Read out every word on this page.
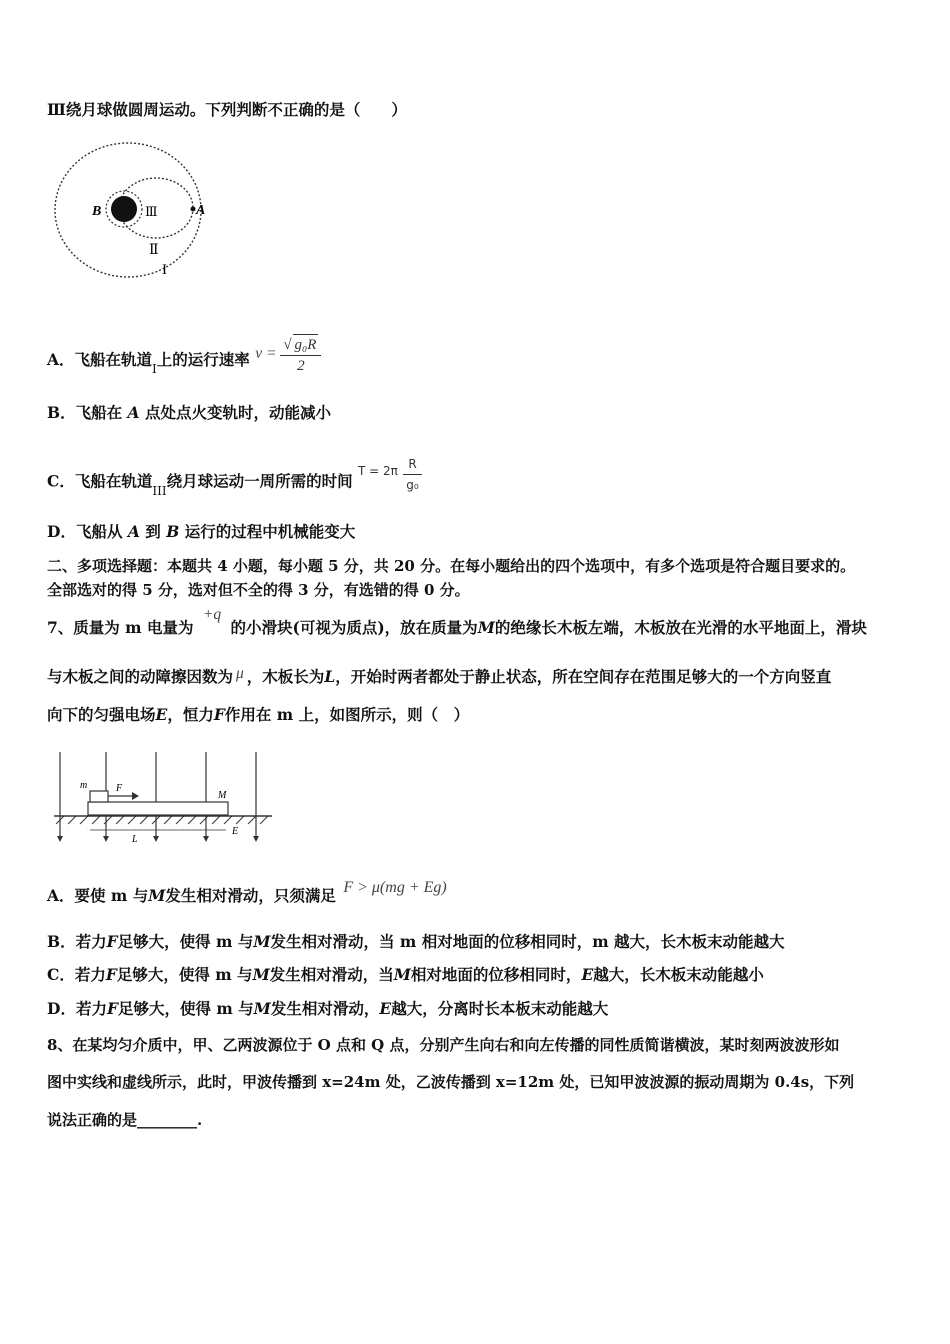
Ⅲ绕月球做圆周运动。下列判断不正确的是（　　）
B	A
Ⅲ
Ⅱ
I
A．飞船在轨道$_I$上的运行速率 $v = \frac{\text{√ g₀R}}{2}$
B．飞船在 A 点处点火变轨时，动能减小
C．飞船在轨道$_{III}$绕月球运动一周所需的时间 $^{T = 2\pi} \frac{R}{\text{g₀}}$
D．飞船从 A 到 B 运行的过程中机械能变大
二、多项选择题：本题共 4 小题，每小题 5 分，共 20 分。在每小题给出的四个选项中，有多个选项是符合题目要求的。
全部选对的得 5 分，选对但不全的得 3 分，有选错的得 0 分。
7、质量为 m 电量为 +q 的小滑块(可视为质点)，放在质量为M的绝缘长木板左端，木板放在光滑的水平地面上，滑块
与木板之间的动障擦因数为 μ ，木板长为L，开始时两者都处于静止状态，所在空间存在范围足够大的一个方向竖直
向下的匀强电场E，恒力F作用在 m 上，如图所示，则（　）
m	F
M
L
E
A．要使 m 与M发生相对滑动，只须满足 F > μ(mg + Eg)
B．若力F足够大，使得 m 与M发生相对滑动，当 m 相对地面的位移相同时，m 越大，长木板末动能越大
C．若力F足够大，使得 m 与M发生相对滑动，当M相对地面的位移相同时，E越大，长木板末动能越小
D．若力F足够大，使得 m 与M发生相对滑动，E越大，分离时长本板末动能越大
8、在某均匀介质中，甲、乙两波源位于 O 点和 Q 点，分别产生向右和向左传播的同性质简谐横波，某时刻两波波形如
图中实线和虚线所示，此时，甲波传播到 x=24m 处，乙波传播到 x=12m 处，已知甲波波源的振动周期为 0.4s，下列
说法正确的是________.
